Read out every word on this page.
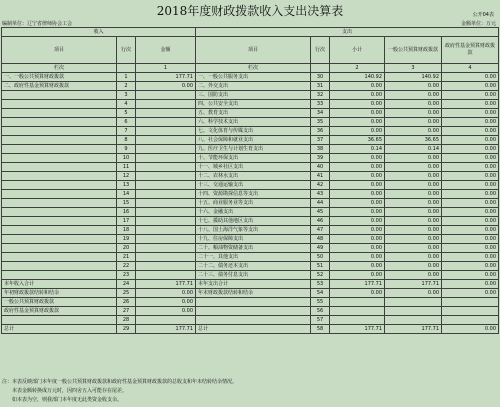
2018年度财政拨款收入支出决算表	公开04表
编制单位：辽宁省律师协会工会	金额单位：万元
收入			支出				
项目	行次	金额	项目	行次	小计	一般公共预算财政拨款	政府性基金预算财政拨款
栏次		1	栏次		2	3	4
一、一般公共预算财政拨款	1	177.71	一、一般公共服务支出	30	140.92	140.92	0.00
二、政府性基金预算财政拨款	2	0.00	二、外交支出	31	0.00	0.00	0.00
	3		三、国防支出	32	0.00	0.00	0.00
	4		四、公共安全支出	33	0.00	0.00	0.00
	5		五、教育支出	34	0.00	0.00	0.00
	6		六、科学技术支出	35	0.00	0.00	0.00
	7		七、文化体育与传媒支出	36	0.00	0.00	0.00
	8		八、社会保障和就业支出	37	36.65	36.65	0.00
	9		九、医疗卫生与计划生育支出	38	0.14	0.14	0.00
	10		十、节能环保支出	39	0.00	0.00	0.00
	11		十一、城乡社区支出	40	0.00	0.00	0.00
	12		十二、农林水支出	41	0.00	0.00	0.00
	13		十三、交通运输支出	42	0.00	0.00	0.00
	14		十四、资源勘探信息等支出	43	0.00	0.00	0.00
	15		十五、商业服务业等支出	44	0.00	0.00	0.00
	16		十六、金融支出	45	0.00	0.00	0.00
	17		十七、援助其他地区支出	46	0.00	0.00	0.00
	18		十八、国土海洋气象等支出	47	0.00	0.00	0.00
	19		十九、住房保障支出	48	0.00	0.00	0.00
	20		二十、粮油物资储备支出	49	0.00	0.00	0.00
	21		二十一、其他支出	50	0.00	0.00	0.00
	22		二十二、债务还本支出	51	0.00	0.00	0.00
	23		二十三、债务付息支出	52	0.00	0.00	0.00
本年收入合计	24	177.71	本年支出合计	53	177.71	177.71	0.00
年初财政拨款结转和结余	25	0.00	年末财政拨款结转和结余	54	0.00	0.00	0.00
一般公共预算财政拨款	26	0.00		55			
政府性基金预算财政拨款	27	0.00		56			
	28			57			
总计	29	177.71	总计	58	177.71	177.71	0.00
注：本表反映部门本年度一般公共预算财政拨款和政府性基金预算财政拨款的总收支和年末结转结余情况。
　　本表金额转换成万元时，因四舍五入可能存在尾差。
　　如本表为空，则我部门本年度无此类资金收支余。
